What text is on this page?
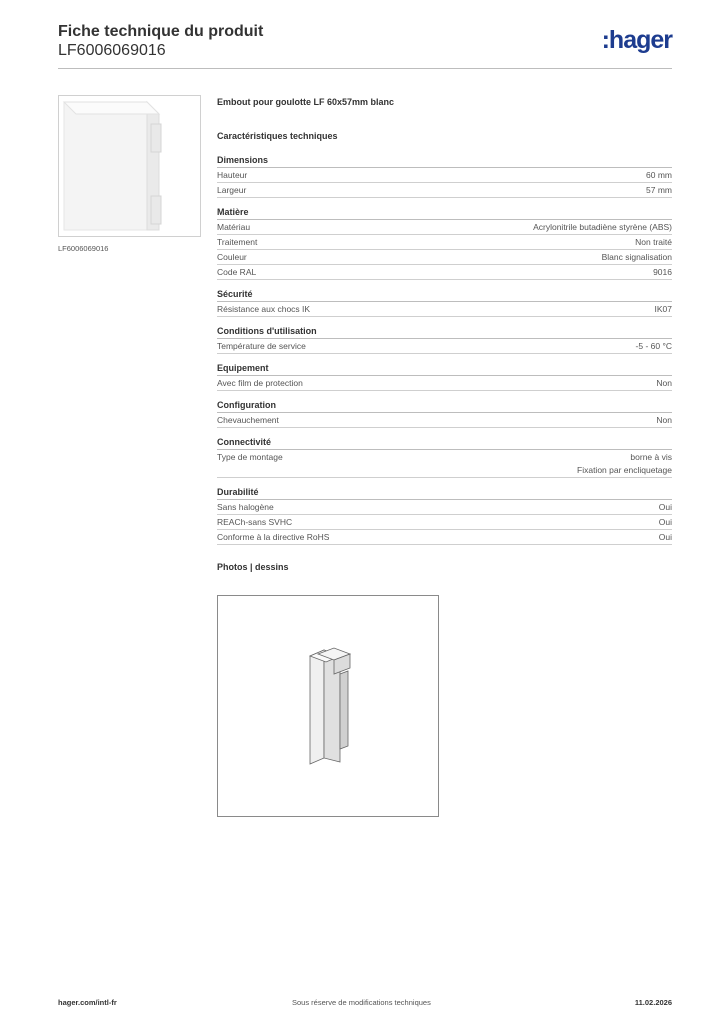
Fiche technique du produit
LF6006069016	:hager
LF6006069016
Embout pour goulotte LF 60x57mm blanc
Caractéristiques techniques
Dimensions
Hauteur	60 mm
Largeur	57 mm
Matière
Matériau	Acrylonitrile butadiène styrène (ABS)
Traitement	Non traité
Couleur	Blanc signalisation
Code RAL	9016
Sécurité
Résistance aux chocs IK	IK07
Conditions d'utilisation
Température de service	-5 - 60 °C
Equipement
Avec film de protection	Non
Configuration
Chevauchement	Non
Connectivité
Type de montage	borne à vis
Fixation par encliquetage
Durabilité
Sans halogène	Oui
REACh-sans SVHC	Oui
Conforme à la directive RoHS	Oui
Photos | dessins
hager.com/intl-fr	Sous réserve de modifications techniques	11.02.2026
